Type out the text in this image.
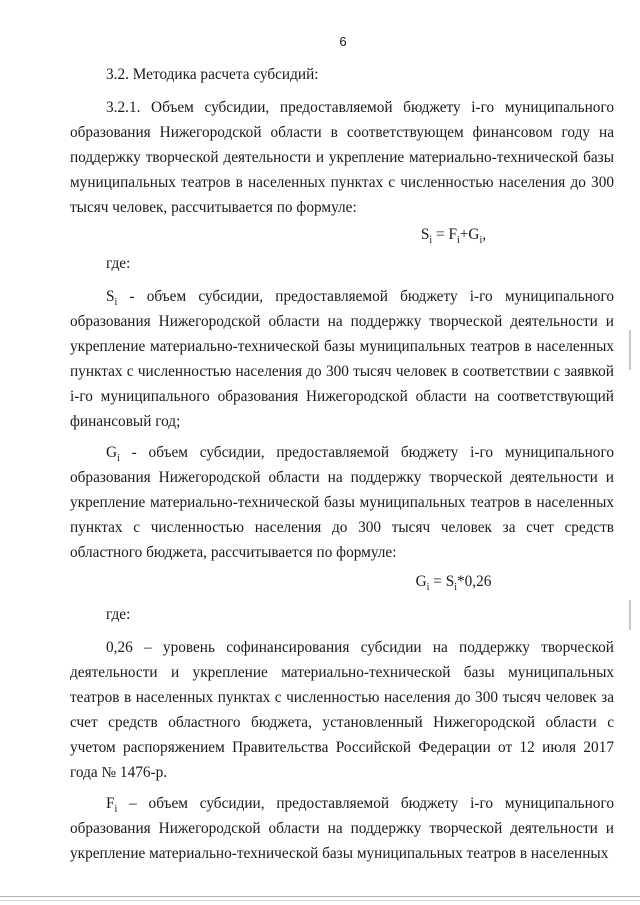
6

3.2. Методика расчета субсидий:

3.2.1. Объем субсидии, предоставляемой бюджету i-го муниципального образования Нижегородской области в соответствующем финансовом году на поддержку творческой деятельности и укрепление материально-технической базы муниципальных театров в населенных пунктах с численностью населения до 300 тысяч человек, рассчитывается по формуле:

$S_i = F_i+G_i$,

где:

$S_i$ - объем субсидии, предоставляемой бюджету i-го муниципального образования Нижегородской области на поддержку творческой деятельности и укрепление материально-технической базы муниципальных театров в населенных пунктах с численностью населения до 300 тысяч человек в соответствии с заявкой i-го муниципального образования Нижегородской области на соответствующий финансовый год;

$G_i$ - объем субсидии, предоставляемой бюджету i-го муниципального образования Нижегородской области на поддержку творческой деятельности и укрепление материально-технической базы муниципальных театров в населенных пунктах с численностью населения до 300 тысяч человек за счет средств областного бюджета, рассчитывается по формуле:

$G_i = S_i*0,26$

где:

0,26 – уровень софинансирования субсидии на поддержку творческой деятельности и укрепление материально-технической базы муниципальных театров в населенных пунктах с численностью населения до 300 тысяч человек за счет средств областного бюджета, установленный Нижегородской области с учетом распоряжением Правительства Российской Федерации от 12 июля 2017 года № 1476-р.

$F_i$ – объем субсидии, предоставляемой бюджету i-го муниципального образования Нижегородской области на поддержку творческой деятельности и укрепление материально-технической базы муниципальных театров в населенных
